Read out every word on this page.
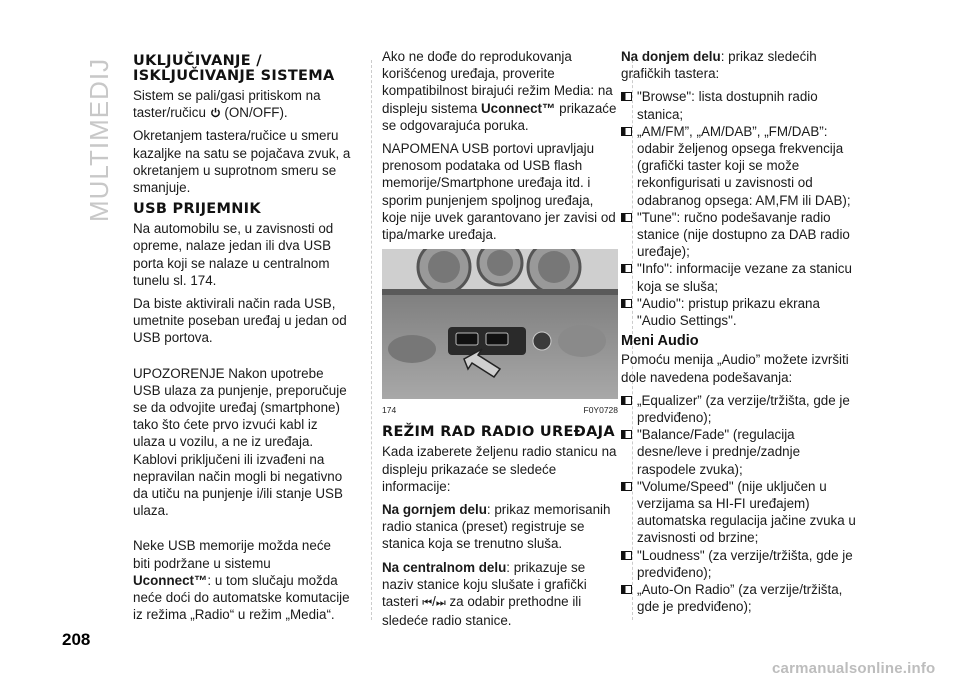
MULTIMEDIJ
208
carmanualsonline.info
UKLJUČIVANJE / ISKLJUČIVANJE SISTEMA

Sistem se pali/gasi pritiskom na taster/ručicu (ON/OFF).

Okretanjem tastera/ručice u smeru kazaljke na satu se pojačava zvuk, a okretanjem u suprotnom smeru se smanjuje.

USB PRIJEMNIK

Na automobilu se, u zavisnosti od opreme, nalaze jedan ili dva USB porta koji se nalaze u centralnom tunelu sl. 174.

Da biste aktivirali način rada USB, umetnite poseban uređaj u jedan od USB portova.

UPOZORENJE Nakon upotrebe USB ulaza za punjenje, preporučuje se da odvojite uređaj (smartphone) tako što ćete prvo izvući kabl iz ulaza u vozilu, a ne iz uređaja. Kablovi priključeni ili izvađeni na nepravilan način mogli bi negativno da utiču na punjenje i/ili stanje USB ulaza.

Neke USB memorije možda neće biti podržane u sistemu Uconnect™: u tom slučaju možda neće doći do automatske komutacije iz režima „Radio“ u režim „Media“.

Ako ne dođe do reprodukovanja korišćenog uređaja, proverite kompatibilnost birajući režim Media: na displeju sistema Uconnect™ prikazaće se odgovarajuća poruka.

NAPOMENA USB portovi upravljaju prenosom podataka od USB flash memorije/Smartphone uređaja itd. i sporim punjenjem spoljnog uređaja, koje nije uvek garantovano jer zavisi od tipa/marke uređaja.

174	F0Y0728
REŽIM RAD RADIO UREĐAJA

Kada izaberete željenu radio stanicu na displeju prikazaće se sledeće informacije:

Na gornjem delu: prikaz memorisanih radio stanica (preset) registruje se stanica koja se trenutno sluša.

Na centralnom delu: prikazuje se naziv stanice koju slušate i grafički
tasteri ⏮/⏭ za odabir prethodne ili sledeće radio stanice.

Na donjem delu: prikaz sledećih grafičkih tastera:

"Browse": lista dostupnih radio stanica;

„AM/FM”, „AM/DAB”, „FM/DAB”: odabir željenog opsega frekvencija (grafički taster koji se može rekonfigurisati u zavisnosti od odabranog opsega: AM,FM ili DAB);

"Tune": ručno podešavanje radio stanice (nije dostupno za DAB radio uređaje);

"Info": informacije vezane za stanicu koja se sluša;

"Audio": pristup prikazu ekrana "Audio Settings".

Meni Audio

Pomoću menija „Audio” možete izvršiti dole navedena podešavanja:

„Equalizer” (za verzije/tržišta, gde je predviđeno);

"Balance/Fade" (regulacija desne/leve i prednje/zadnje raspodele zvuka);

"Volume/Speed" (nije uključen u verzijama sa HI-FI uređajem) automatska regulacija jačine zvuka u zavisnosti od brzine;

"Loudness" (za verzije/tržišta, gde je predviđeno);

„Auto-On Radio” (za verzije/tržišta, gde je predviđeno);
